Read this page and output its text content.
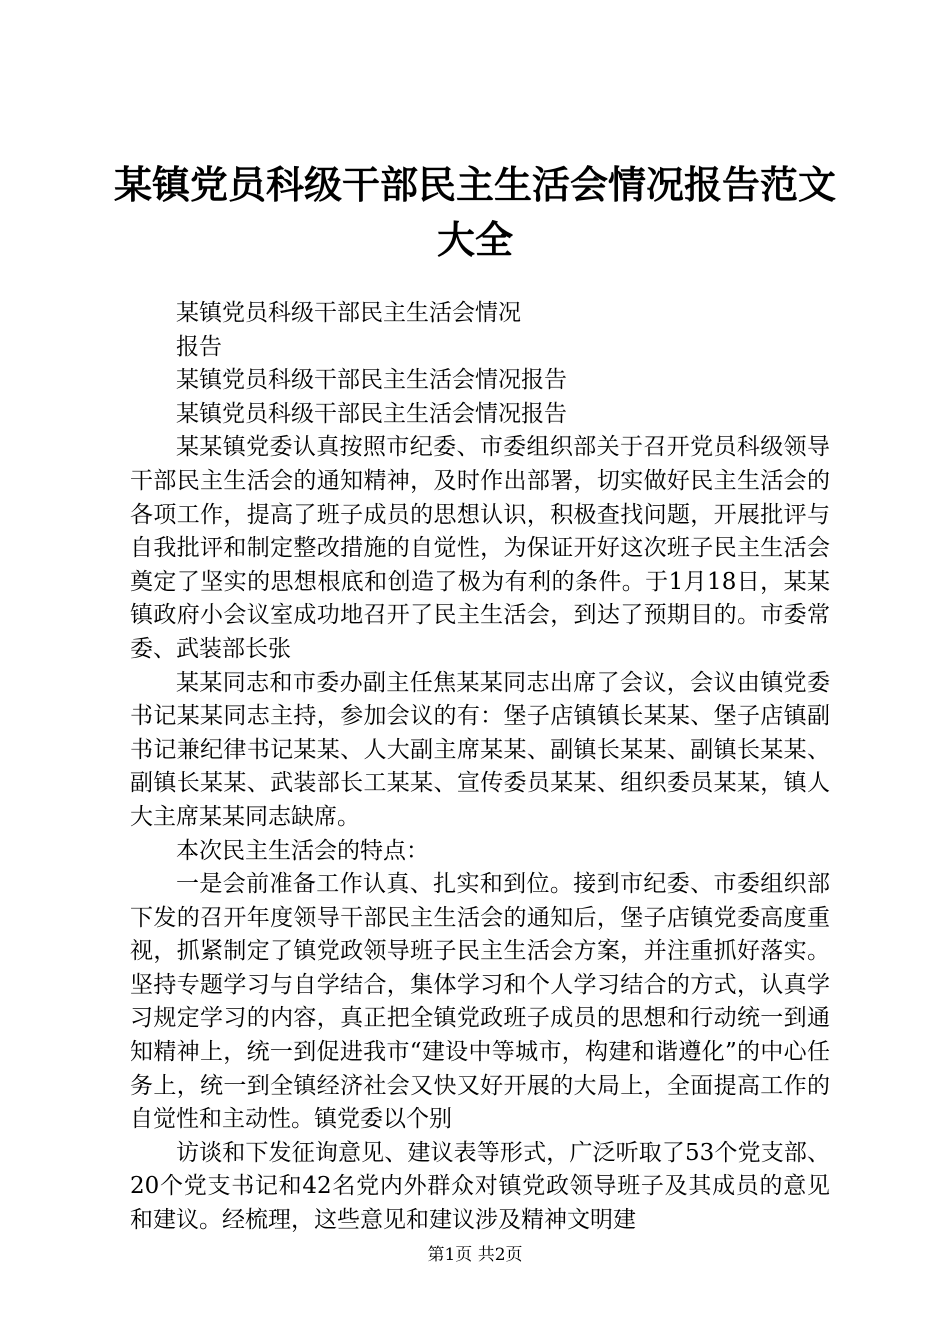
某镇党员科级干部民主生活会情况报告范文大全

某镇党员科级干部民主生活会情况

报告

某镇党员科级干部民主生活会情况报告

某镇党员科级干部民主生活会情况报告

某某镇党委认真按照市纪委、市委组织部关于召开党员科级领导干部民主生活会的通知精神，及时作出部署，切实做好民主生活会的各项工作，提高了班子成员的思想认识，积极查找问题，开展批评与自我批评和制定整改措施的自觉性，为保证开好这次班子民主生活会奠定了坚实的思想根底和创造了极为有利的条件。于1月18日，某某镇政府小会议室成功地召开了民主生活会，到达了预期目的。市委常委、武装部长张

某某同志和市委办副主任焦某某同志出席了会议，会议由镇党委书记某某同志主持，参加会议的有：堡子店镇镇长某某、堡子店镇副书记兼纪律书记某某、人大副主席某某、副镇长某某、副镇长某某、副镇长某某、武装部长工某某、宣传委员某某、组织委员某某，镇人大主席某某同志缺席。

本次民主生活会的特点：

一是会前准备工作认真、扎实和到位。接到市纪委、市委组织部下发的召开年度领导干部民主生活会的通知后，堡子店镇党委高度重视，抓紧制定了镇党政领导班子民主生活会方案，并注重抓好落实。坚持专题学习与自学结合，集体学习和个人学习结合的方式，认真学习规定学习的内容，真正把全镇党政班子成员的思想和行动统一到通知精神上，统一到促进我市“建设中等城市，构建和谐遵化”的中心任务上，统一到全镇经济社会又快又好开展的大局上，全面提高工作的自觉性和主动性。镇党委以个别

访谈和下发征询意见、建议表等形式，广泛听取了53个党支部、20个党支书记和42名党内外群众对镇党政领导班子及其成员的意见和建议。经梳理，这些意见和建议涉及精神文明建

第1页 共2页
